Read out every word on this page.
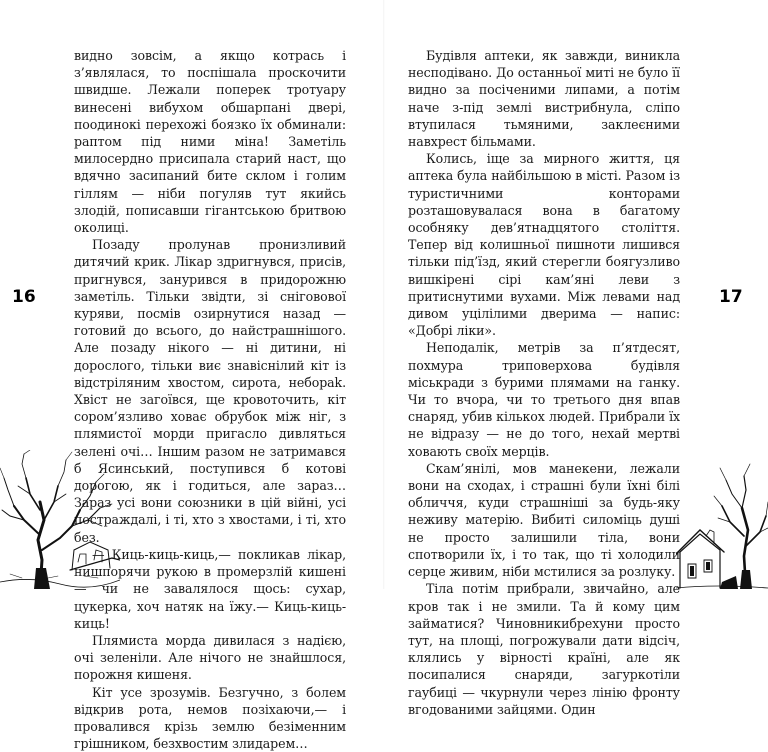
видно зовсім, а якщо котрась і з’являлася, то поспішала проскочити швидше. Лежали поперек тротуару винесені вибухом обшарпані двері, поодинокі перехожі боязко їх обминали: раптом під ними міна! Заметіль милосердно присипала старий наст, що вдячно засипаний бите склом і голим гіллям — ніби погуляв тут якийсь злодій, пописавши гігантською бритвою околиці.

Позаду пролунав пронизливий дитячий крик. Лікар здригнувся, присів, пригнувся, занурився в придорожню заметіль. Тільки звідти, зі сніговової куряви, посмів озирнутися назад — готовий до всього, до найстрашнішого. Але позаду нікого — ні дитини, ні дорослого, тільки виє знавіснілий кіт із відстріляним хвостом, сирота, небораk. Хвіст не загоївся, ще кровоточить, кіт сором’язливо ховає обрубок між ніг, з плямистої морди пригасло дивляться зелені очі… Іншим разом не затримався б Ясинський, поступився б котові дорогою, як і годиться, але зараз… Зараз усі вони союзники в цій війні, усі постраждалі, і ті, хто з хвостами, і ті, хто без.

— Киць-киць-киць,— покликав лікар, нишпорячи рукою в промерзлій кишені — чи не завалялося щось: сухар, цукерка, хоч натяк на їжу.— Киць-киць-киць!

Плямиста морда дивилася з надією, очі зеленіли. Але нічого не знайшлося, порожня кишеня.

Кіт усе зрозумів. Безгучно, з болем відкрив рота, немов позіхаючи,— і провалився крізь землю безіменним грішником, безхвостим злидарем…

16

Будівля аптеки, як завжди, виникла несподівано. До останньої миті не було її видно за посіченими липами, а потім наче з-під землі вистрибнула, сліпо втупилася тьмяними, заклеєними навхрест більмами.

Колись, іще за мирного життя, ця аптека була найбільшою в місті. Разом із туристичними конторами розташовувалася вона в багатому особняку дев’ятнадцятого століття. Тепер від колишньої пишноти лишився тільки під’їзд, який стерегли боягузливо вишкірені сірі кам’яні леви з притиснутими вухами. Між левами над дивом уцілілими дверима — напис: «Добрі ліки».

Неподалік, метрів за п’ятдесят, похмура триповерхова будівля міськради з бурими плямами на ганку. Чи то вчора, чи то третього дня впав снаряд, убив кількох людей. Прибрали їх не відразу — не до того, нехай мертві ховають своїх мерців.

Скам’янілі, мов манекени, лежали вони на сходах, і страшні були їхні білі обличчя, куди страшніші за будь-яку неживу матерію. Вибиті силоміць душі не просто залишили тіла, вони спотворили їх, і то так, що ті холодили серце живим, ніби мстилися за розлуку.

Тіла потім прибрали, звичайно, але кров так і не змили. Та й кому цим займатися? Чиновникибрехуни просто тут, на площі, погрожували дати відсіч, клялись у вірності країні, але як посипалися снаряди, загуркотіли гаубиці — чкурнули через лінію фронту вгодованими зайцями. Один

17
